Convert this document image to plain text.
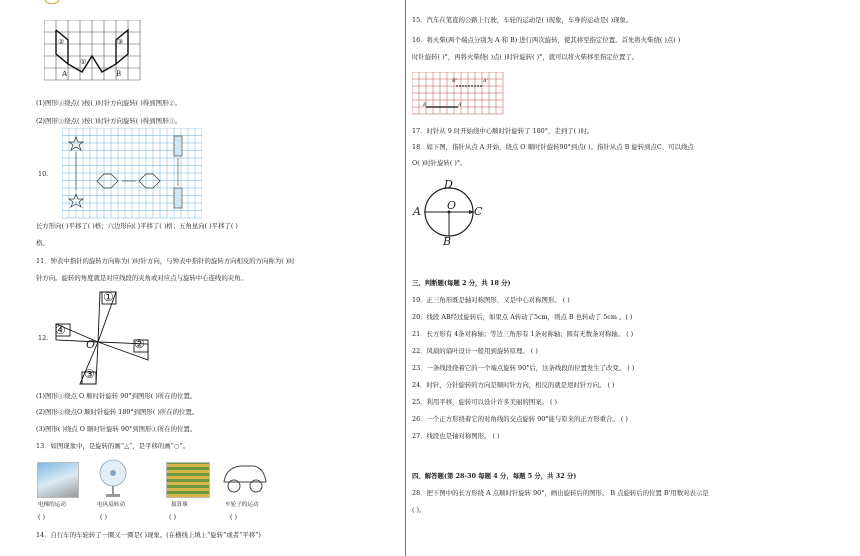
②
①
③
A	B
(1)图形①绕点( )按( )时针方向旋转( )得到图形②。
(2)图形①绕点( )按( )时针方向旋转( )得到图形③。
10.
长方形向( )平移了( )格；六边形向( )平移了( )格；五角星向( )平移了( )
格。
11．钟表中指针的旋转方向称为( )时针方向，与钟表中指针的旋转方向相反的方向称为( )时
针方向。旋转的角度就是对应线段的夹角或对应点与旋转中心连线的夹角。
12.
①
②
③
④
O
(1)图形①绕点 O 顺时针旋转 90°到图形( )所在的位置。
(2)图形②绕点O 顺时针旋转 180°到图形( )所在的位置。
(3)图形( )绕点 O 顺时针旋转 90°到图形①所在的位置。
13．如图现象中，是旋转的画“△”，是平移的画“○”。
电梯的运动	电风扇转动	拔算珠	车轮子的运动
( )	( )	( )	( )
14．自行车的车轮转了一圈又一圈是( )现象。(在横线上填上“旋转”或者“平移”)
15．汽车在笔直的公路上行驶，车轮的运动是( )现象，车身的运动是( )现象。
16．将火柴(两个端点分别为 A 和 B) 进行两次旋转，使其移至指定位置。首先将火柴绕( )点( )
时针旋转( )°，再将火柴绕( )点( )时针旋转( )°，就可以将火柴移至指定位置了。
B'	A'
B	A
17．时针从 9 时开始绕中心顺时针旋转了 180°，走到了( )时。
18．如下图，指针从点 A 开始，绕点 O 顺时针旋转90°到点( )。指针从点 B 旋转到点C，可以绕点
O( )时针旋转( )°。
D
A O C
B
三、判断题(每题 2 分，共 18 分)
19．正三角形既是轴对称图形，又是中心对称图形。 ( )
20．线段 AB经过旋转后，如果点 A转动了5cm，则点 B 也转动了 5cm 。( )
21．长方形有 4条对称轴；等边三角形有 1条对称轴；圆有无数条对称轴。 ( )
22．风扇的扇叶设计一般用到旋转原理。 ( )
23．一条线段绕着它的一个端点旋转 90°后，这条线段的位置发生了改变。 ( )
24．时针，分针旋转的方向是顺时针方向，相反的就是逆时针方向。 ( )
25．利用平移，旋转可以设计许多美丽的图案。 ( )
26．一个正方形绕着它的对角线的交点旋转 90°能与原来的正方形重合。 ( )
27．线段也是轴对称图形。 ( )
四、解答题(第 28-30 每题 4 分，每题 5 分，共 32 分)
28．把下图中的长方形绕 A 点顺时针旋转 90°，画出旋转后的图形。 B 点旋转后的位置 B'用数对表示是
( )。
